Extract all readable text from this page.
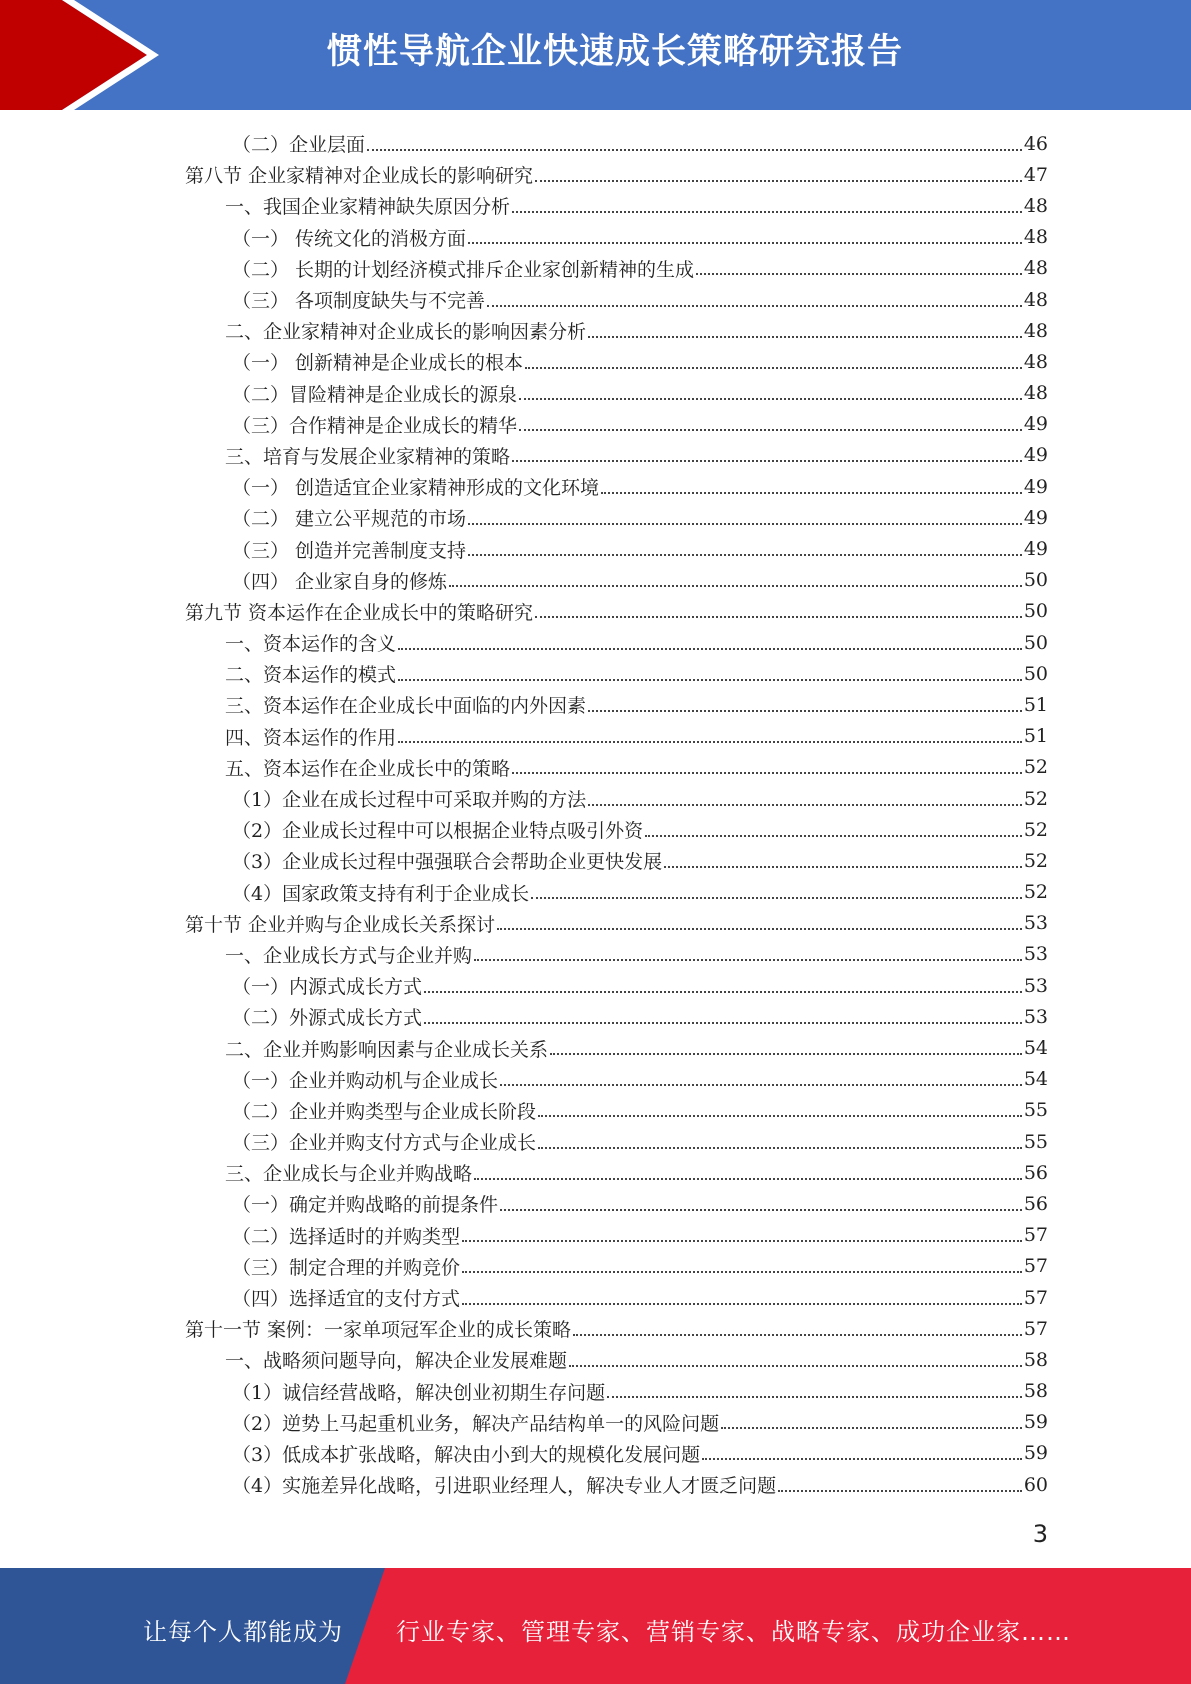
惯性导航企业快速成长策略研究报告
（二）企业层面	46
第八节 企业家精神对企业成长的影响研究	47
一、我国企业家精神缺失原因分析	48
（一） 传统文化的消极方面	48
（二） 长期的计划经济模式排斥企业家创新精神的生成	48
（三） 各项制度缺失与不完善	48
二、企业家精神对企业成长的影响因素分析	48
（一） 创新精神是企业成长的根本	48
（二）冒险精神是企业成长的源泉	48
（三）合作精神是企业成长的精华	49
三、培育与发展企业家精神的策略	49
（一） 创造适宜企业家精神形成的文化环境	49
（二） 建立公平规范的市场	49
（三） 创造并完善制度支持	49
（四） 企业家自身的修炼	50
第九节 资本运作在企业成长中的策略研究	50
一、资本运作的含义	50
二、资本运作的模式	50
三、资本运作在企业成长中面临的内外因素	51
四、资本运作的作用	51
五、资本运作在企业成长中的策略	52
（1）企业在成长过程中可采取并购的方法	52
（2）企业成长过程中可以根据企业特点吸引外资	52
（3）企业成长过程中强强联合会帮助企业更快发展	52
（4）国家政策支持有利于企业成长	52
第十节 企业并购与企业成长关系探讨	53
一、企业成长方式与企业并购	53
（一）内源式成长方式	53
（二）外源式成长方式	53
二、企业并购影响因素与企业成长关系	54
（一）企业并购动机与企业成长	54
（二）企业并购类型与企业成长阶段	55
（三）企业并购支付方式与企业成长	55
三、企业成长与企业并购战略	56
（一）确定并购战略的前提条件	56
（二）选择适时的并购类型	57
（三）制定合理的并购竞价	57
（四）选择适宜的支付方式	57
第十一节 案例：一家单项冠军企业的成长策略	57
一、战略须问题导向，解决企业发展难题	58
（1）诚信经营战略，解决创业初期生存问题	58
（2）逆势上马起重机业务，解决产品结构单一的风险问题	59
（3）低成本扩张战略，解决由小到大的规模化发展问题	59
（4）实施差异化战略，引进职业经理人，解决专业人才匮乏问题	60
3
让每个人都能成为 行业专家、管理专家、营销专家、战略专家、成功企业家……
